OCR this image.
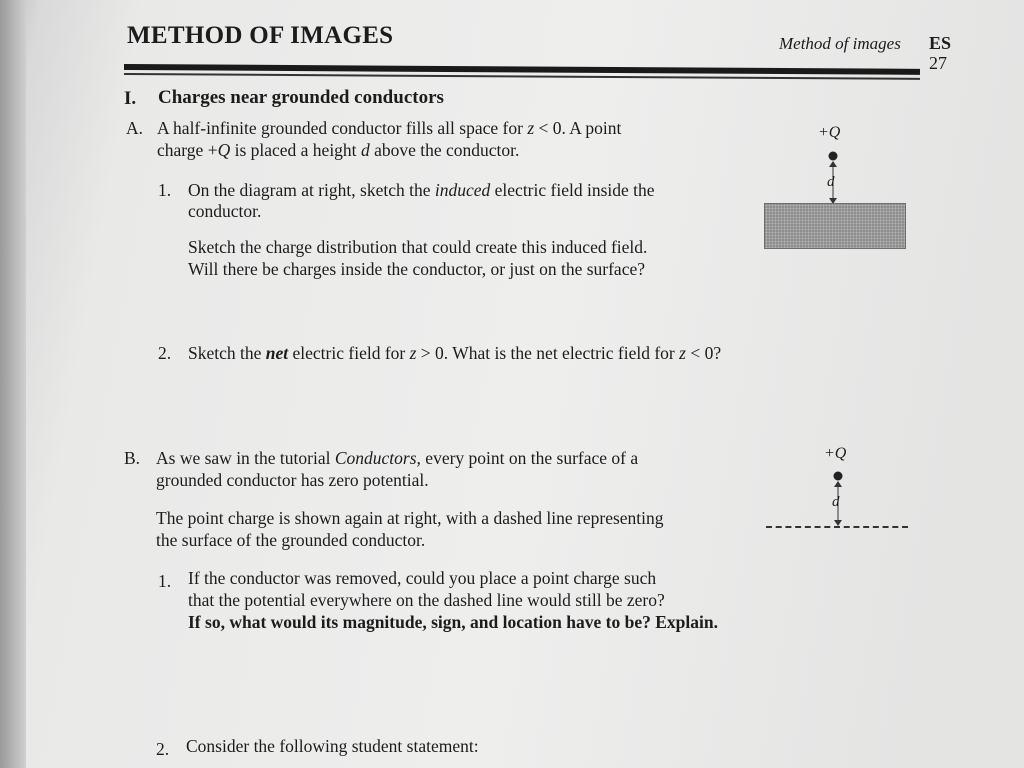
METHOD OF IMAGES	Method of images ES
27
I. Charges near grounded conductors
A. A half-infinite grounded conductor fills all space for z < 0. A point
charge +Q is placed a height d above the conductor.
1. On the diagram at right, sketch the induced electric field inside the
conductor.
Sketch the charge distribution that could create this induced field.
Will there be charges inside the conductor, or just on the surface?
2. Sketch the net electric field for z > 0. What is the net electric field for z < 0?
+Q
d
B. As we saw in the tutorial Conductors, every point on the surface of a
grounded conductor has zero potential.
The point charge is shown again at right, with a dashed line representing
the surface of the grounded conductor.
1. If the conductor was removed, could you place a point charge such
that the potential everywhere on the dashed line would still be zero?
If so, what would its magnitude, sign, and location have to be? Explain.
2. Consider the following student statement:
+Q
d
